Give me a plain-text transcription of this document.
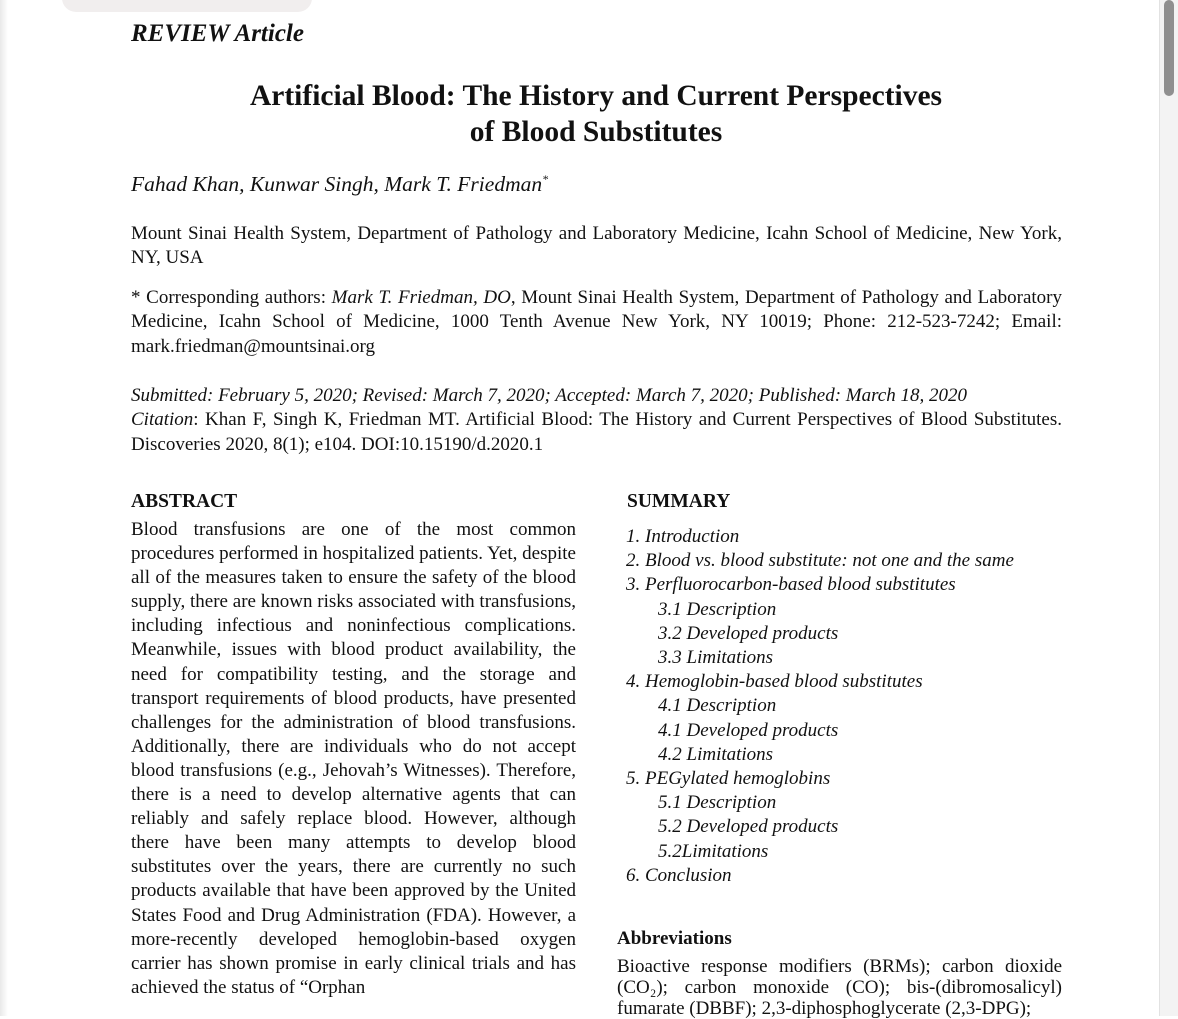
REVIEW Article
Artificial Blood: The History and Current Perspectives
of Blood Substitutes
Fahad Khan, Kunwar Singh, Mark T. Friedman*
Mount Sinai Health System, Department of Pathology and Laboratory Medicine, Icahn School of Medicine, New York, NY, USA
* Corresponding authors: Mark T. Friedman, DO, Mount Sinai Health System, Department of Pathology and Laboratory Medicine, Icahn School of Medicine, 1000 Tenth Avenue New York, NY 10019; Phone: 212-523-7242; Email: mark.friedman@mountsinai.org
Submitted: February 5, 2020; Revised: March 7, 2020; Accepted: March 7, 2020; Published: March 18, 2020
Citation: Khan F, Singh K, Friedman MT. Artificial Blood: The History and Current Perspectives of Blood Substitutes. Discoveries 2020, 8(1); e104. DOI:10.15190/d.2020.1
ABSTRACT
Blood transfusions are one of the most common procedures performed in hospitalized patients. Yet, despite all of the measures taken to ensure the safety of the blood supply, there are known risks associated with transfusions, including infectious and noninfectious complications. Meanwhile, issues with blood product availability, the need for compatibility testing, and the storage and transport requirements of blood products, have presented challenges for the administration of blood transfusions. Additionally, there are individuals who do not accept blood transfusions (e.g., Jehovah’s Witnesses). Therefore, there is a need to develop alternative agents that can reliably and safely replace blood. However, although there have been many attempts to develop blood substitutes over the years, there are currently no such products available that have been approved by the United States Food and Drug Administration (FDA). However, a more-recently developed hemoglobin-based oxygen carrier has shown promise in early clinical trials and has achieved the status of “Orphan
SUMMARY
1. Introduction
2. Blood vs. blood substitute: not one and the same
3. Perfluorocarbon-based blood substitutes
3.1 Description
3.2 Developed products
3.3 Limitations
4. Hemoglobin-based blood substitutes
4.1 Description
4.1 Developed products
4.2 Limitations
5. PEGylated hemoglobins
5.1 Description
5.2 Developed products
5.2Limitations
6. Conclusion
Abbreviations
Bioactive response modifiers (BRMs); carbon dioxide (CO₂); carbon monoxide (CO); bis-(dibromosalicyl) fumarate (DBBF); 2,3-diphosphoglycerate (2,3-DPG);
